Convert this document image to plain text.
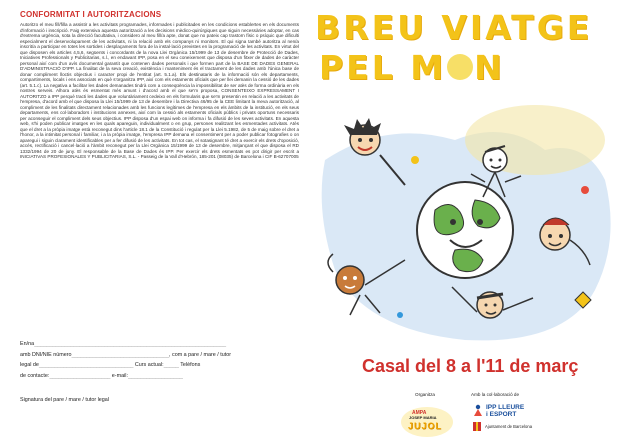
CONFORMITAT I AUTORITZACIONS
Autoritzo el meu fill/filla a assistir a les activitats programades, informades i publicitades en les condicions establertes en els documents d'informació i inscripció. Faig extensiva aquesta autorització a les decisions mèdico-quirúrgiques que siguin necessàries adoptar, en cas d'extrema urgència, sota la direcció facultativa, i considero al meu fill/a apte, donat que no pateix cap trastorn físic o psíquic que dificulti especialment el desenvolupament de les activitats, ni la relació amb els companys ni monitors. El qui signa també autoritza al nen/a inscrit/a a participar en totes les sortides i desplaçaments fora de la instal·lació previstes en la programació de les activitats. En virtut del que disposen els articles 4,5,6, següents i concordants de la nova Llei Orgànica 15/1999 de 13 de desembre de Protecció de Dades, Iniciatives Professionals y Publicitarias, s.l., en endavant IPP, posa en el seu coneixement que disposa d'un fitxer de dades de caràcter personal així com d'un avís documental garantit que contenen dades personals i que formen part de la BASE DE DADES GENERAL D'ADMINISTRACIÓ D'IPP. La finalitat de la seva creació, existència i manteniment és el tractament de les dades amb l'única base de donar compliment lloctis objectius i caracter propi de l'entitat (art. 5.1.a). Els destinataris de la informació són els departaments, compartiments, locals i ens associats en què s'organitza IPP, així com els estaments oficials que per llei demanin la cessió de les dades (art. 5.1.c). La negativa a facilitar les dades demanades tindrà com a conseqüència la impossibilitat de ser atès de forma ordinària en els nostres serveis. Alhora atès és esmentat més amunt i d'acord amb el que se'm proposa, CONSENTEIXO EXPRESSAMENT I AUTORITZO a IPP perquè tracti les dades que voluntàriament cedeixo en els formularis que se'm presentin en relació a les activitats de l'empresa, d'acord amb el que disposa la Llei 15/1999 de 13 de desembre i la Directiva 46/95 de la CEE limitant la meva autorització, al compliment de les finalitats directament relacionades amb les funcions legítimes de l'empresa en els àmbits de la institució, en els seus departaments, ens col·laboradors i institucions annexes, així com la cessió als estaments oficials públics i privats oportuns necessaris per aconseguir el compliment dels seus objectius. IPP disposa d'un espai web on informa i fa difusió de les seves activitats. En aquesta web, s'hi poden publicar imatges en les quals apareguin, individualment o en grup, persones realitzant les esmentades activitats. Atès que el dret a la pròpia imatge està reconegut dins l'article 18.1 de la Constitució i regulat per la Llei 5.1982, de 5 de maig sobre el dret a l'honor, a la intimitat personal i familiar, i a la pròpia imatge, l'empresa IPP demana el consentiment per a poder publicar fotografies o on aparegui i siguin clarament identificables per a fer difusió de les activitats. En tot cas, el sotasignant té dret a exercir els drets d'oposició, accés, rectificació i cancel·lació a l'àmbit reconegut per la Llei Orgànica 15/1999 de 13 de desembre, mitjançant el que disposa el RD 1332/1994 de 20 de juny. El responsable de la Base de Dades és IPP. Per exercir els drets esmentats es pot dirigir per escrit a INICIATIVAS PROFESIONALES Y PUBLICITARIAS, S.L. - Passeig de la Vall d'Hebrón, 185-201 (08035) de Barcelona i CIF B-62707005
En/na_______________________________________________________________
amb DNI/NIE número________________________________, com a pare / mare / tutor
legal de_______________________________ Curs actual:_____ Telèfons
de contacte:____________________ e-mail:__________________
Signatura del pare / mare / tutor legal
BREU VIATGE
PEL M N
Casal del 8 a l'11 de març
Organitza	Amb la col·laboració de
AMPA
JOSEP MARIA
JUJOL
IPP LLEURE
i ESPORT
Ajuntament de Barcelona
